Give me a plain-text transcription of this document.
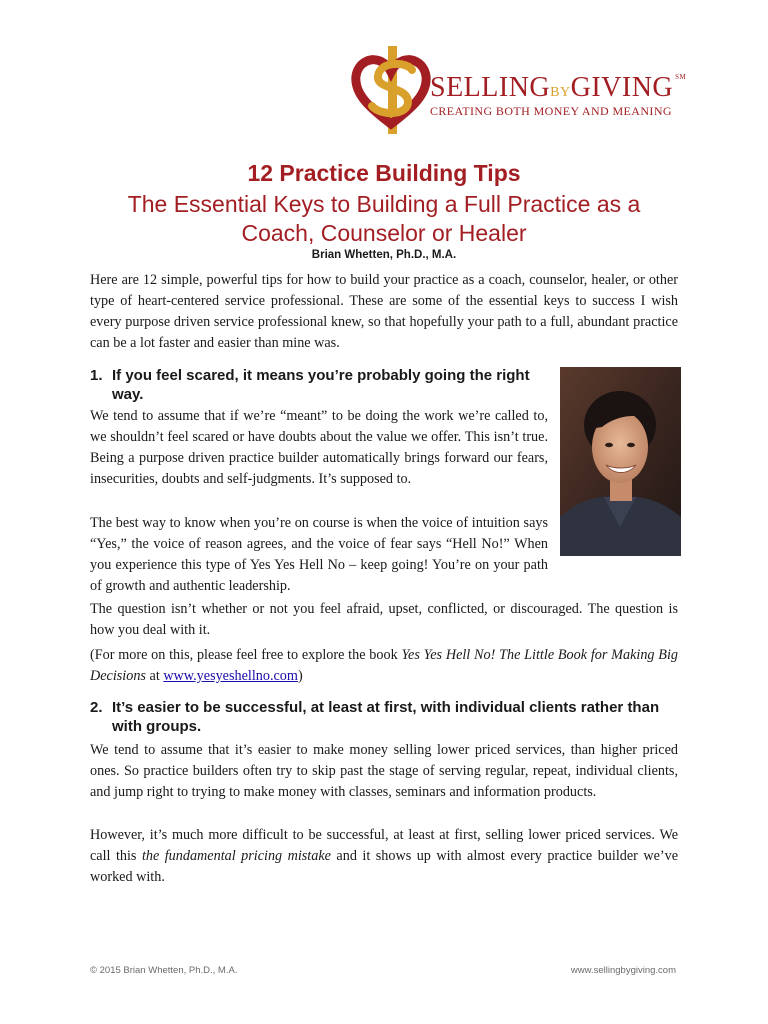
SELLINGBYGIVING ℠
CREATING BOTH MONEY AND MEANING
12 Practice Building Tips
The Essential Keys to Building a Full Practice as a Coach, Counselor or Healer
Brian Whetten, Ph.D., M.A.
Here are 12 simple, powerful tips for how to build your practice as a coach, counselor, healer, or other type of heart-centered service professional. These are some of the essential keys to success I wish every purpose driven service professional knew, so that hopefully your path to a full, abundant practice can be a lot faster and easier than mine was.
1. If you feel scared, it means you’re probably going the right way.
We tend to assume that if we’re “meant” to be doing the work we’re called to, we shouldn’t feel scared or have doubts about the value we offer. This isn’t true. Being a purpose driven practice builder automatically brings forward our fears, insecurities, doubts and self-judgments. It’s supposed to.
The best way to know when you’re on course is when the voice of intuition says “Yes,” the voice of reason agrees, and the voice of fear says “Hell No!” When you experience this type of Yes Yes Hell No – keep going! You’re on your path of growth and authentic leadership.
The question isn’t whether or not you feel afraid, upset, conflicted, or discouraged. The question is how you deal with it.
(For more on this, please feel free to explore the book Yes Yes Hell No! The Little Book for Making Big Decisions at www.yesyeshellno.com)
2. It’s easier to be successful, at least at first, with individual clients rather than with groups.
We tend to assume that it’s easier to make money selling lower priced services, than higher priced ones. So practice builders often try to skip past the stage of serving regular, repeat, individual clients, and jump right to trying to make money with classes, seminars and information products.
However, it’s much more difficult to be successful, at least at first, selling lower priced services. We call this the fundamental pricing mistake and it shows up with almost every practice builder we’ve worked with.
© 2015 Brian Whetten, Ph.D., M.A.	www.sellingbygiving.com
